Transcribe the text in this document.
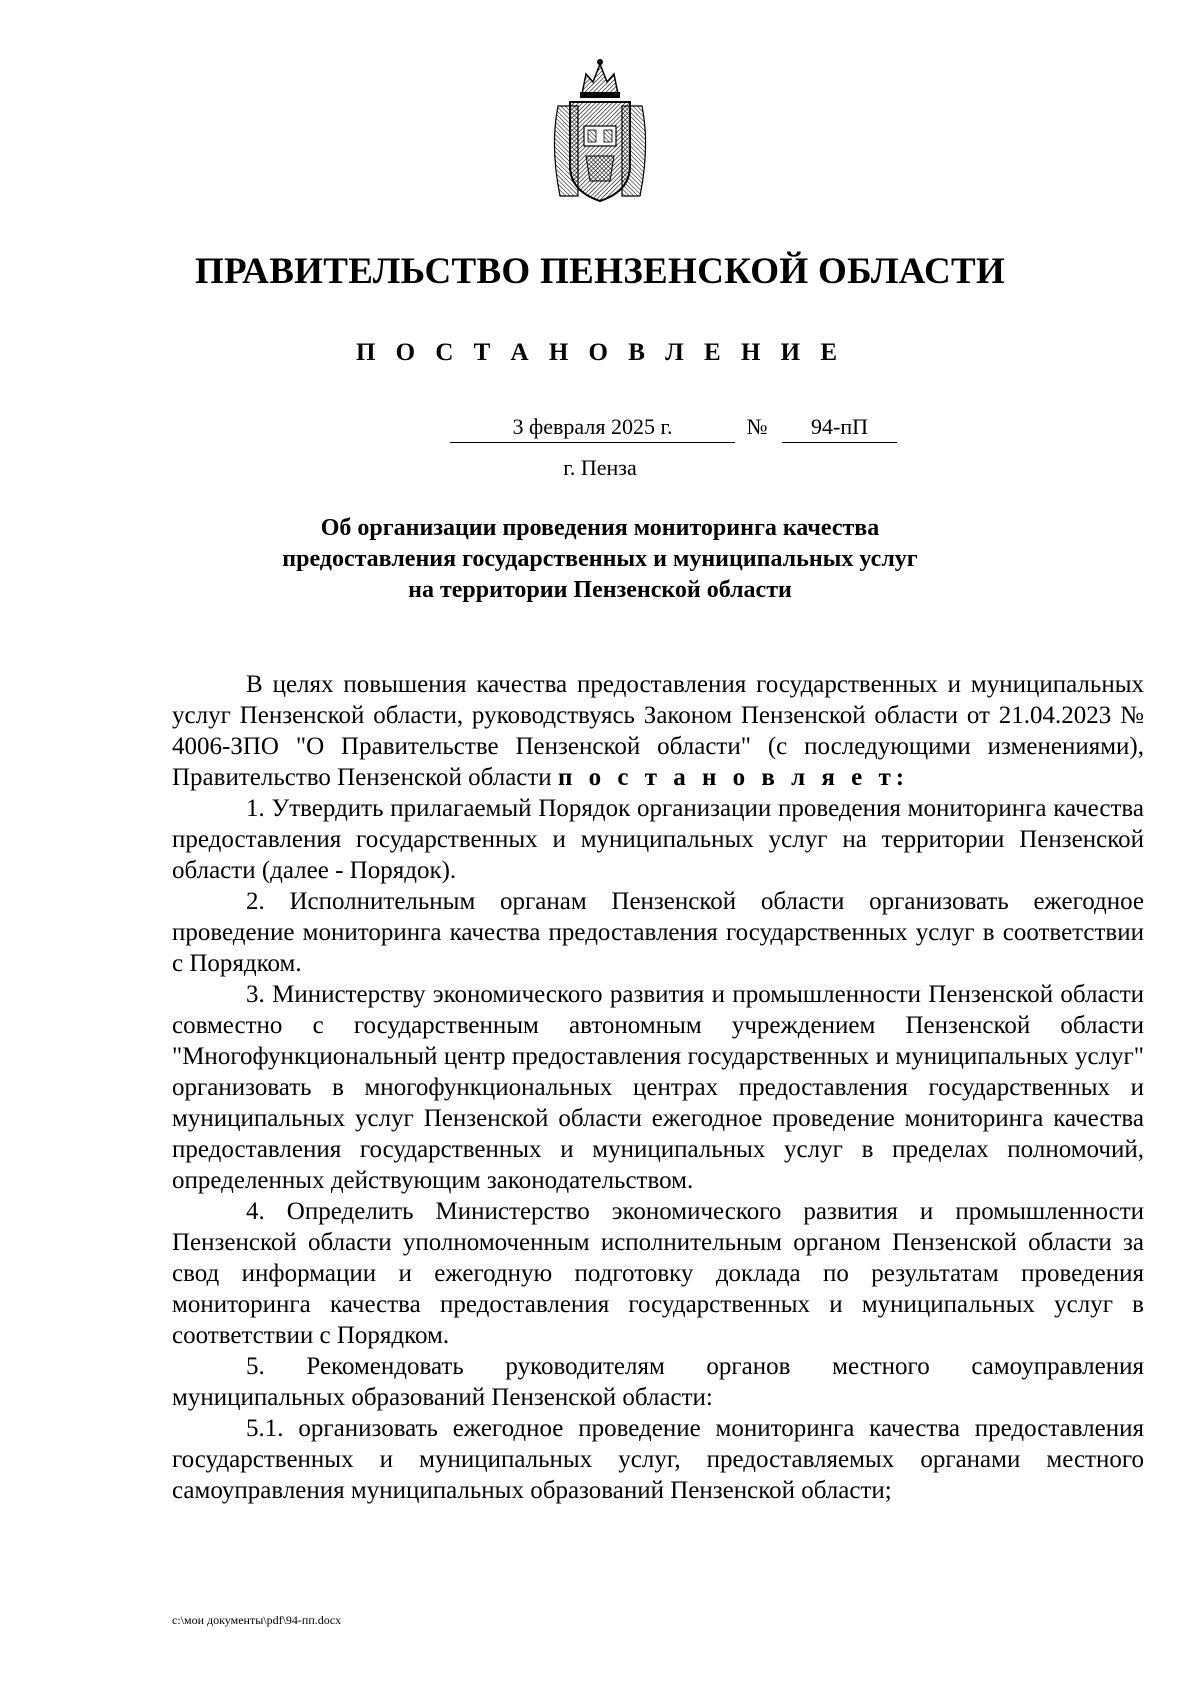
ПРАВИТЕЛЬСТВО ПЕНЗЕНСКОЙ ОБЛАСТИ
П О С Т А Н О В Л Е Н И Е
3 февраля 2025 г.	№	94-пП
г. Пенза
Об организации проведения мониторинга качества
предоставления государственных и муниципальных услуг
на территории Пензенской области

В целях повышения качества предоставления государственных и муниципальных услуг Пензенской области, руководствуясь Законом Пензенской области от 21.04.2023 № 4006-ЗПО "О Правительстве Пензенской области" (с последующими изменениями), Правительство Пензенской области п о с т а н о в л я е т:

1. Утвердить прилагаемый Порядок организации проведения мониторинга качества предоставления государственных и муниципальных услуг на территории Пензенской области (далее - Порядок).

2. Исполнительным органам Пензенской области организовать ежегодное проведение мониторинга качества предоставления государственных услуг в соответствии с Порядком.

3. Министерству экономического развития и промышленности Пензенской области совместно с государственным автономным учреждением Пензенской области "Многофункциональный центр предоставления государственных и муниципальных услуг" организовать в многофункциональных центрах предоставления государственных и муниципальных услуг Пензенской области ежегодное проведение мониторинга качества предоставления государственных и муниципальных услуг в пределах полномочий, определенных действующим законодательством.

4. Определить Министерство экономического развития и промышленности Пензенской области уполномоченным исполнительным органом Пензенской области за свод информации и ежегодную подготовку доклада по результатам проведения мониторинга качества предоставления государственных и муниципальных услуг в соответствии с Порядком.

5. Рекомендовать руководителям органов местного самоуправления муниципальных образований Пензенской области:

5.1. организовать ежегодное проведение мониторинга качества предоставления государственных и муниципальных услуг, предоставляемых органами местного самоуправления муниципальных образований Пензенской области;

c:\мои документы\pdf\94-пп.docx
